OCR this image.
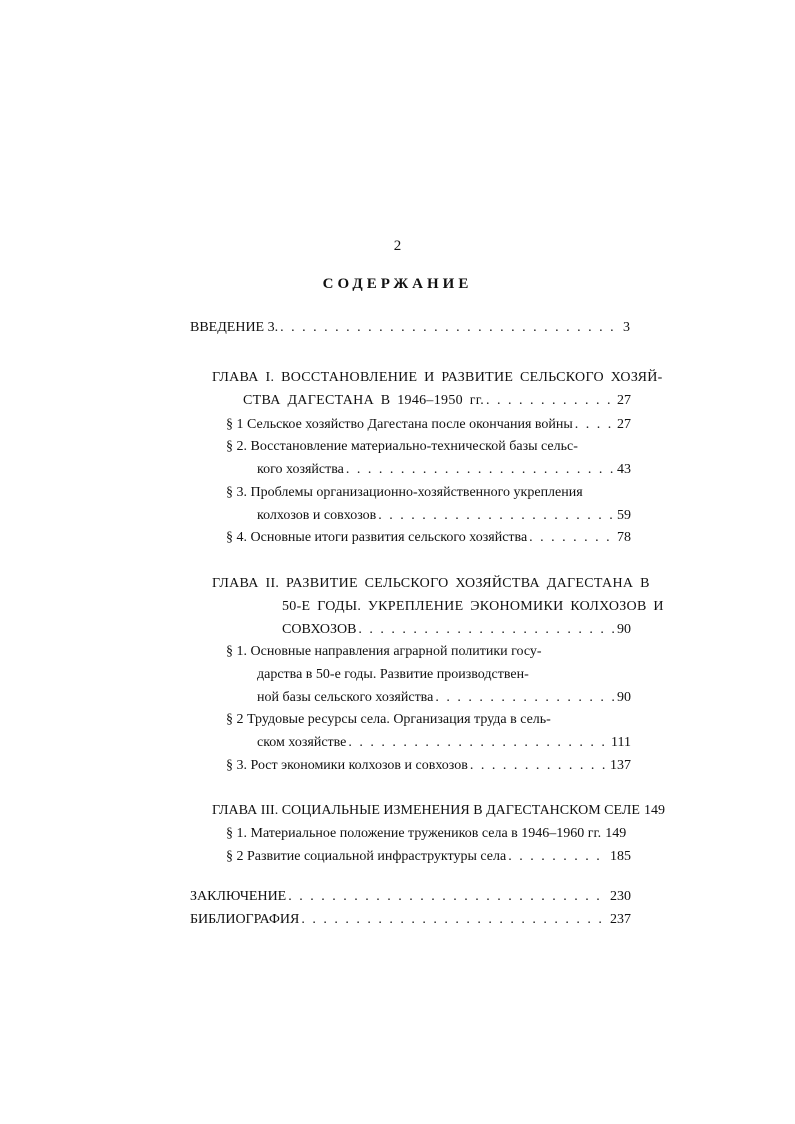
2
СОДЕРЖАНИЕ
ВВЕДЕНИЕ 3. . . .	3
ГЛАВА I. ВОССТАНОВЛЕНИЕ И РАЗВИТИЕ СЕЛЬСКОГО ХОЗЯЙ-
СТВА ДАГЕСТАНА В 1946–1950 гг. . . .	27
§ 1 Сельское хозяйство Дагестана после окончания войны . . .	27
§ 2. Восстановление материально-технической базы сельс-
кого хозяйства . . .	43
§ 3. Проблемы организационно-хозяйственного укрепления
колхозов и совхозов . . .	59
§ 4. Основные итоги развития сельского хозяйства . . .	78
ГЛАВА II. РАЗВИТИЕ СЕЛЬСКОГО ХОЗЯЙСТВА ДАГЕСТАНА В
50-Е ГОДЫ. УКРЕПЛЕНИЕ ЭКОНОМИКИ КОЛХОЗОВ И
СОВХОЗОВ . . .	90
§ 1. Основные направления аграрной политики госу-
дарства в 50-е годы. Развитие производствен-
ной базы сельского хозяйства . . .	90
§ 2 Трудовые ресурсы села. Организация труда в сель-
ском хозяйстве . . .	111
§ 3. Рост экономики колхозов и совхозов . . .	137
ГЛАВА III. СОЦИАЛЬНЫЕ ИЗМЕНЕНИЯ В ДАГЕСТАНСКОМ СЕЛЕ 149
§ 1. Материальное положение тружеников села в 1946–1960 гг. 149
§ 2 Развитие социальной инфраструктуры села . . .	185
ЗАКЛЮЧЕНИЕ . . .	230
БИБЛИОГРАФИЯ . . .	237
